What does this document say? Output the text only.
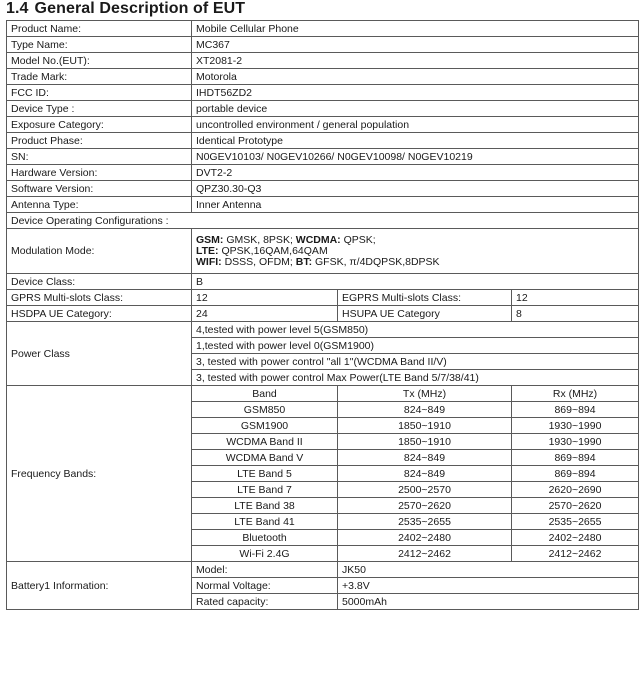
1.4 General Description of EUT
Product Name:	Mobile Cellular Phone		
Type Name:	MC367		
Model No.(EUT):	XT2081-2		
Trade Mark:	Motorola		
FCC ID:	IHDT56ZD2		
Device Type :	portable device		
Exposure Category:	uncontrolled environment / general population		
Product Phase:	Identical Prototype		
SN:	N0GEV10103/ N0GEV10266/ N0GEV10098/ N0GEV10219		
Hardware Version:	DVT2-2		
Software Version:	QPZ30.30-Q3		
Antenna Type:	Inner Antenna		
Device Operating Configurations :			
Modulation Mode:	GSM: GMSK, 8PSK; WCDMA: QPSK;
LTE: QPSK,16QAM,64QAM
WIFI: DSSS, OFDM; BT: GFSK, π/4DQPSK,8DPSK		

Device Class:	B		
GPRS Multi-slots Class:	12	EGPRS Multi-slots Class:	12
HSDPA UE Category:	24	HSUPA UE Category	8
Power Class	4,tested with power level 5(GSM850)		
	1,tested with power level 0(GSM1900)		
	3, tested with power control "all 1"(WCDMA Band II/V)		
	3, tested with power control Max Power(LTE Band 5/7/38/41)		
Frequency Bands:	Band	Tx (MHz)	Rx (MHz)
	GSM850	824~849	869~894
	GSM1900	1850~1910	1930~1990
	WCDMA Band II	1850~1910	1930~1990
	WCDMA Band V	824~849	869~894
	LTE Band 5	824~849	869~894
	LTE Band 7	2500~2570	2620~2690
	LTE Band 38	2570~2620	2570~2620
	LTE Band 41	2535~2655	2535~2655
	Bluetooth	2402~2480	2402~2480
	Wi-Fi 2.4G	2412~2462	2412~2462
Battery1 Information:	Model:	JK50	
	Normal Voltage:	+3.8V	
	Rated capacity:	5000mAh	
